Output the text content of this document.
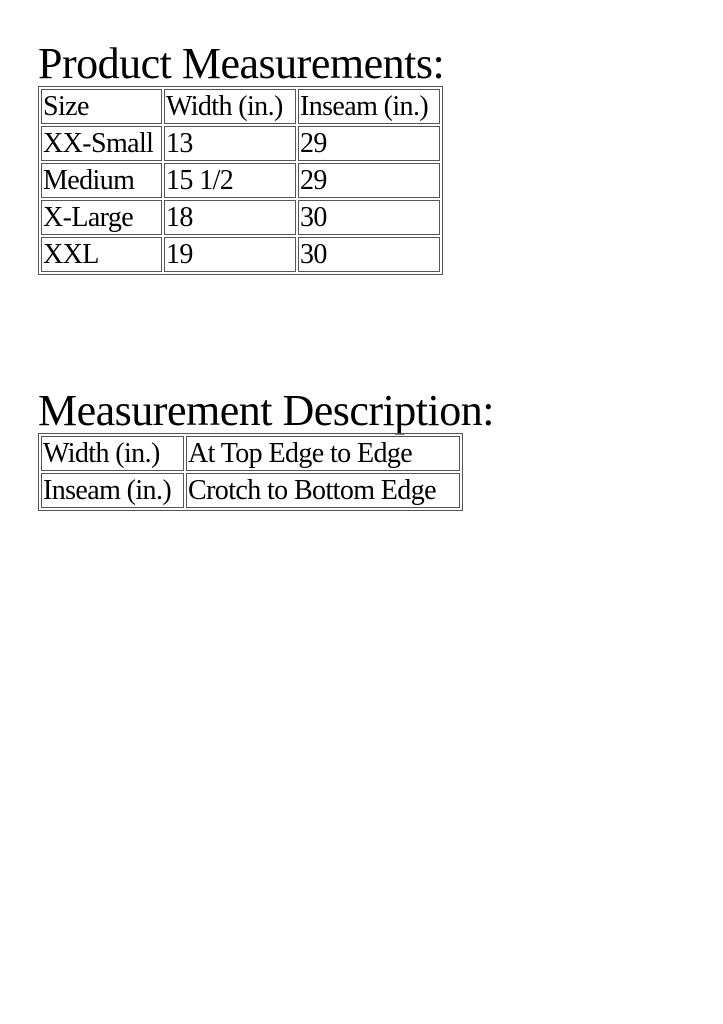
Product Measurements:
Size	Width (in.)	Inseam (in.)
XX-Small	13	29
Medium	15 1/2	29
X-Large	18	30
XXL	19	30
Measurement Description:
Width (in.)	At Top Edge to Edge
Inseam (in.)	Crotch to Bottom Edge
